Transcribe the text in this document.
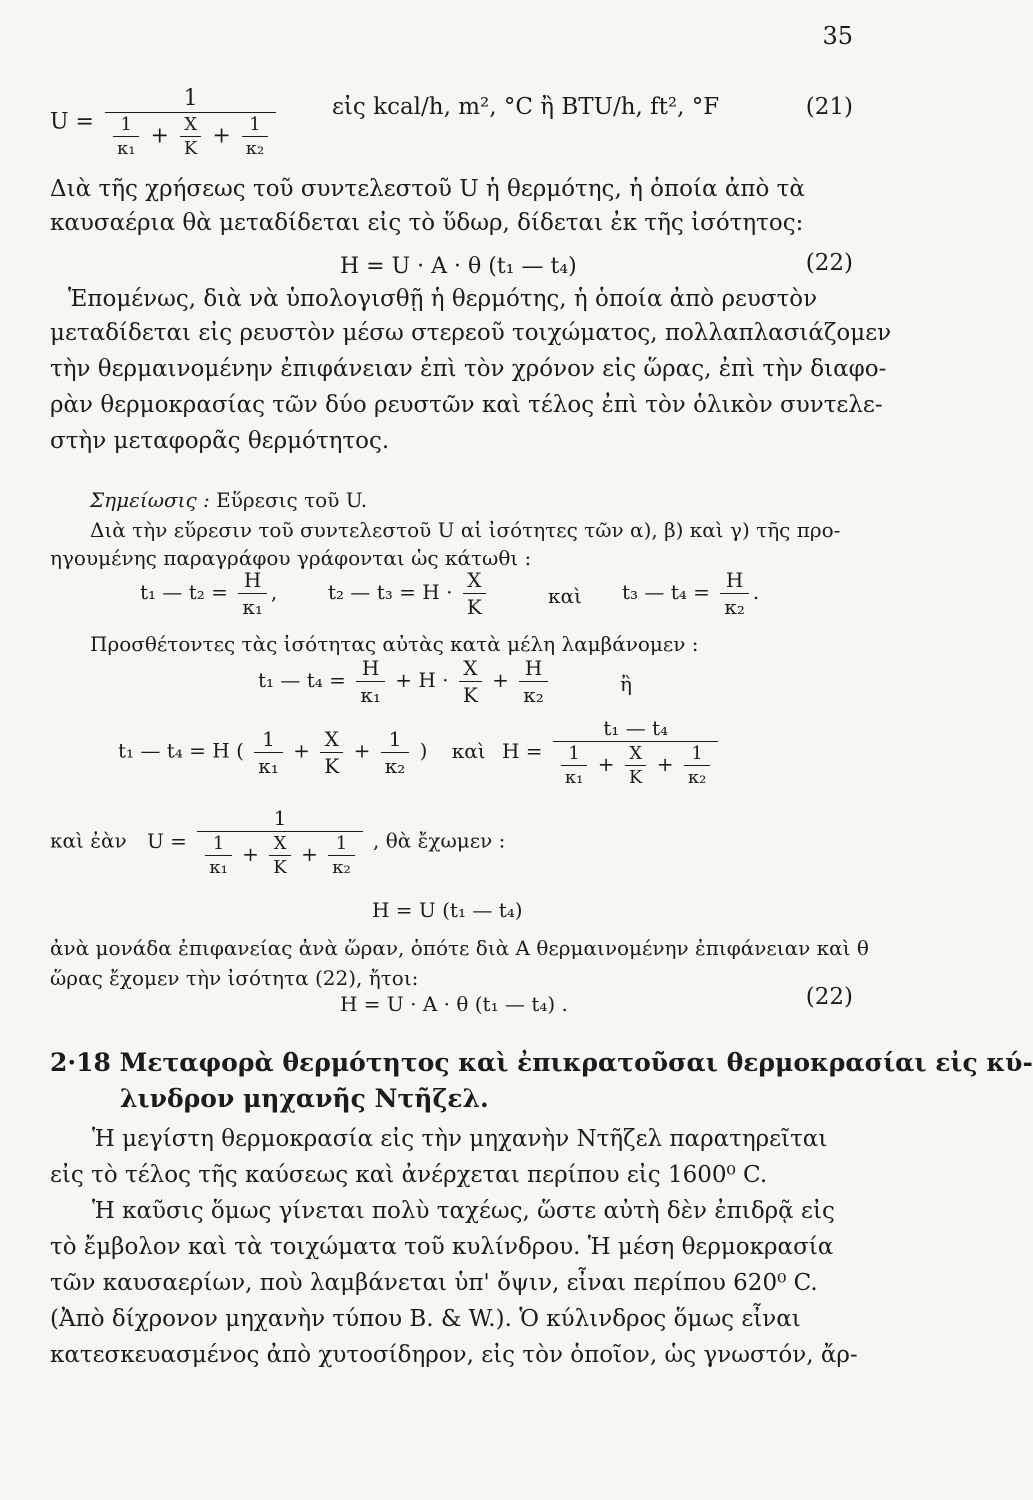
35
$U = \frac{1}{\frac{1}{\text{κ₁}} + \frac{X}{K} + \frac{1}{\text{κ₂}}}$ εἰς kcal/h, m², °C ἢ BTU/h, ft², °F	(21)
Διὰ τῆς χρήσεως τοῦ συντελεστοῦ U ἡ θερμότης, ἡ ὁποία ἀπὸ τὰ
καυσαέρια θὰ μεταδίδεται εἰς τὸ ὕδωρ, δίδεται ἐκ τῆς ἰσότητος:
H = U · A · θ (t₁ — t₄)	(22)
Ἑπομένως, διὰ νὰ ὑπολογισθῇ ἡ θερμότης, ἡ ὁποία ἀπὸ ρευστὸν
μεταδίδεται εἰς ρευστὸν μέσω στερεοῦ τοιχώματος, πολλαπλασιάζομεν
τὴν θερμαινομένην ἐπιφάνειαν ἐπὶ τὸν χρόνον εἰς ὥρας, ἐπὶ τὴν διαφο-
ρὰν θερμοκρασίας τῶν δύο ρευστῶν καὶ τέλος ἐπὶ τὸν ὁλικὸν συντελε-
στὴν μεταφορᾶς θερμότητος.
Σημείωσις : Εὕρεσις τοῦ U.
Διὰ τὴν εὕρεσιν τοῦ συντελεστοῦ U αἱ ἰσότητες τῶν α), β) καὶ γ) τῆς προ-
ηγουμένης παραγράφου γράφονται ὡς κάτωθι :
t₁ — $t_2 = \frac{H}{\text{κ₁}}$ ,	t₂ — $t_3 = H \cdot \frac{X}{K}$	καὶ t₃ — $t_4 = \frac{H}{\text{κ₂}}$ .
Προσθέτοντες τὰς ἰσότητας αὐτὰς κατὰ μέλη λαμβάνομεν :
t₁ — $t_4 = \frac{H}{\text{κ₁}} + H \cdot \frac{X}{K} + \frac{H}{\text{κ₂}}$	ἢ
t₁ — t₄ = H ( $\frac{1}{\text{κ₁}} + \frac{X}{K} + \frac{1}{\text{κ₂}}$ ) καὶ $H = \frac{\text{t₁ — t₄}}{\frac{1}{\text{κ₁}} + \frac{X}{K} + \frac{1}{\text{κ₂}}}$
καὶ ἐὰν $U = \frac{1}{\frac{1}{\text{κ₁}} + \frac{X}{K} + \frac{1}{\text{κ₂}}}$ , θὰ ἔχωμεν :
H = U (t₁ — t₄)
ἀνὰ μονάδα ἐπιφανείας ἀνὰ ὥραν, ὁπότε διὰ A θερμαινομένην ἐπιφάνειαν καὶ θ
ὥρας ἔχομεν τὴν ἰσότητα (22), ἤτοι:
H = U · A · θ (t₁ — t₄) .	(22)
2·18 Μεταφορὰ θερμότητος καὶ ἐπικρατοῦσαι θερμοκρασίαι εἰς κύ-
λινδρον μηχανῆς Ντῆζελ.
Ἡ μεγίστη θερμοκρασία εἰς τὴν μηχανὴν Ντῆζελ παρατηρεῖται
εἰς τὸ τέλος τῆς καύσεως καὶ ἀνέρχεται περίπου εἰς 1600⁰ C.
Ἡ καῦσις ὅμως γίνεται πολὺ ταχέως, ὥστε αὐτὴ δὲν ἐπιδρᾷ εἰς
τὸ ἔμβολον καὶ τὰ τοιχώματα τοῦ κυλίνδρου. Ἡ μέση θερμοκρασία
τῶν καυσαερίων, ποὺ λαμβάνεται ὑπ' ὄψιν, εἶναι περίπου 620⁰ C.
(Ἀπὸ δίχρονον μηχανὴν τύπου B. & W.). Ὁ κύλινδρος ὅμως εἶναι
κατεσκευασμένος ἀπὸ χυτοσίδηρον, εἰς τὸν ὁποῖον, ὡς γνωστόν, ἄρ-
